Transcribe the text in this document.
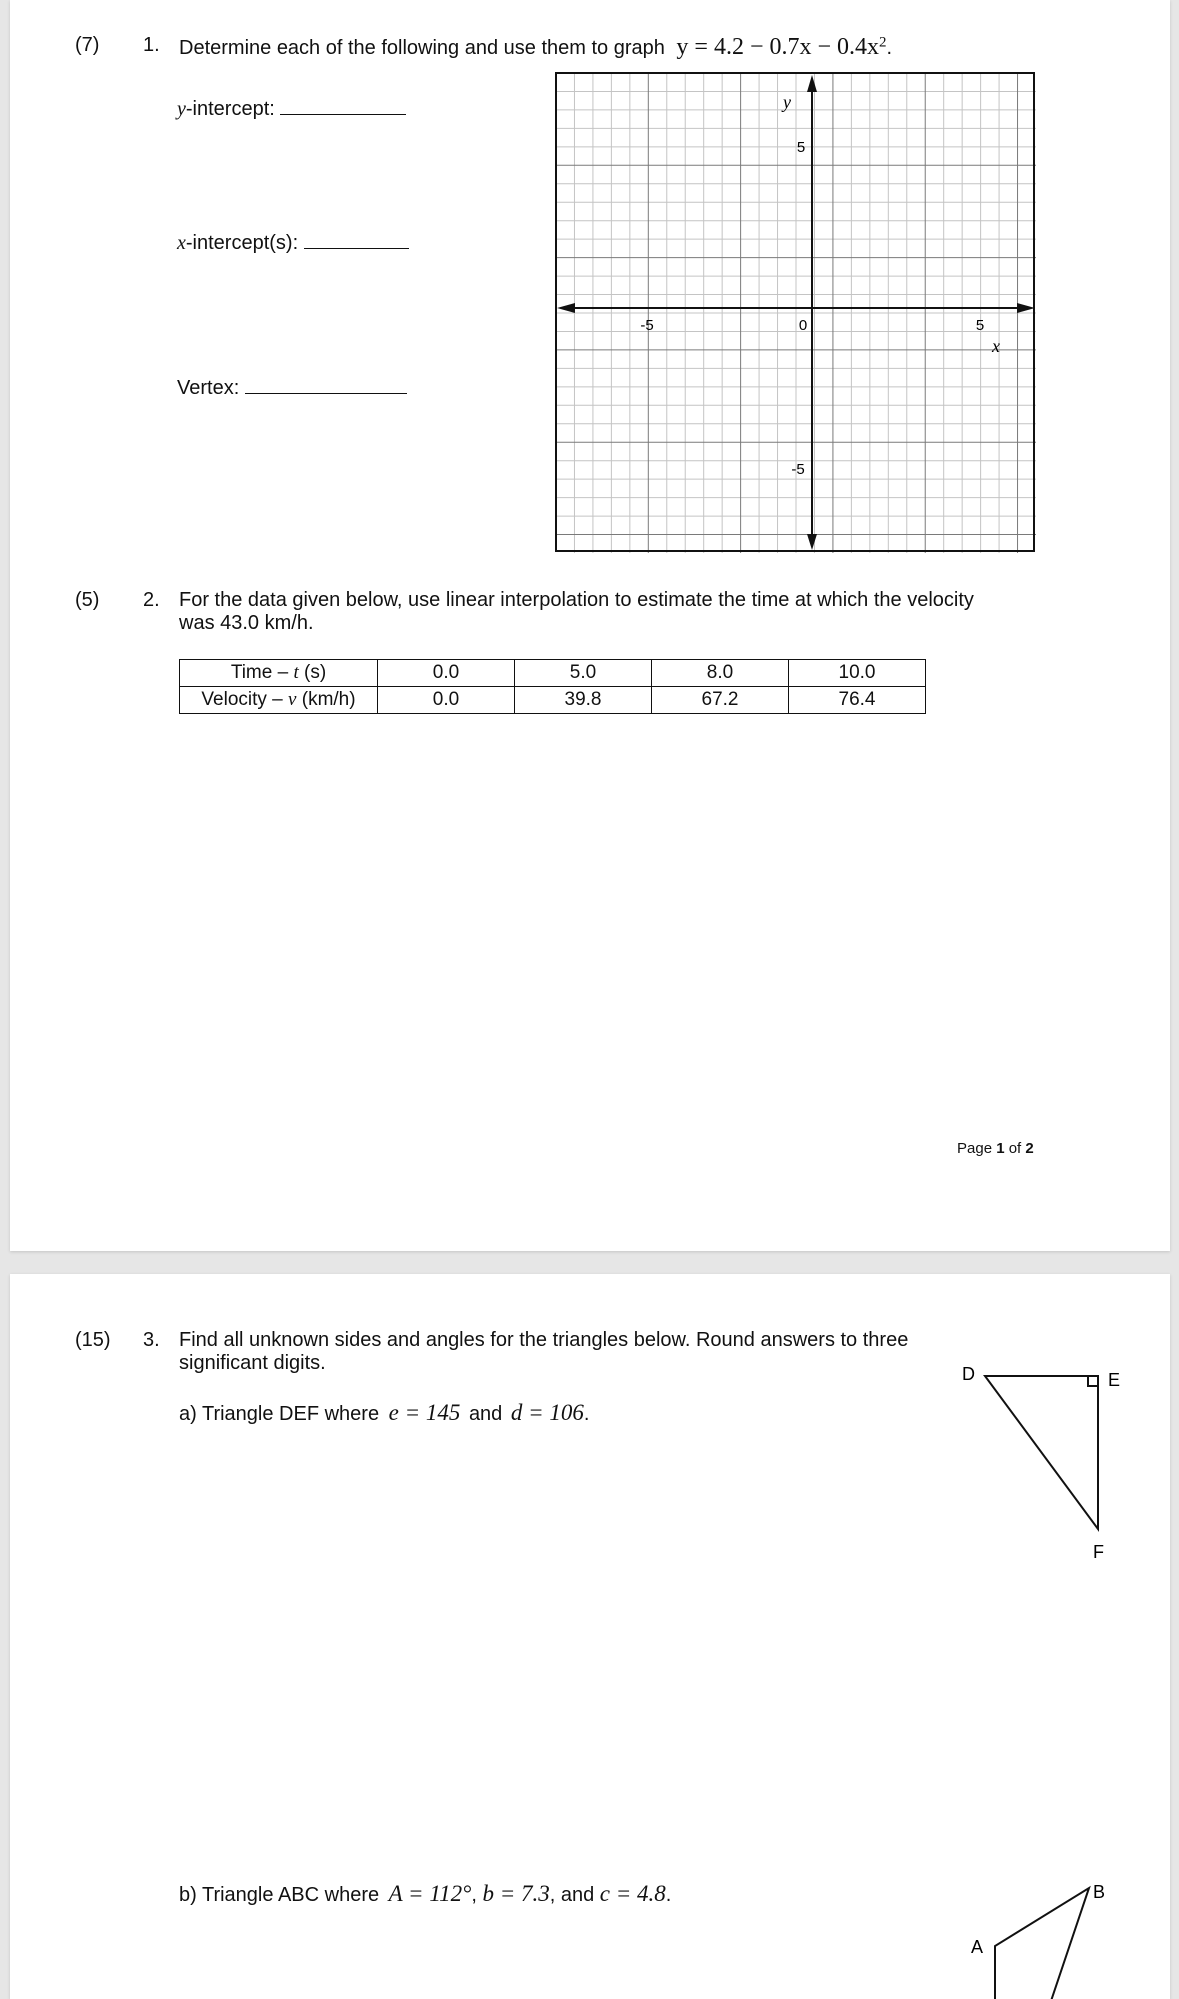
(7) 1. Determine each of the following and use them to graph $y = 4.2 - 0.7x - 0.4x^2$.
y-intercept:
x-intercept(s):
Vertex:
-5	0	5
5
-5
x
y
(5) 2. For the data given below, use linear interpolation to estimate the time at which the velocity
was 43.0 km/h.
Time – t (s)	0.0	5.0	8.0	10.0
Velocity – v (km/h)	0.0	39.8	67.2	76.4
Page 1 of 2
(15) 3. Find all unknown sides and angles for the triangles below. Round answers to three
significant digits.
a) Triangle DEF where e = 145 and d = 106.
D	E
F
b) Triangle ABC where A = 112°, b = 7.3, and c = 4.8.
A
B
